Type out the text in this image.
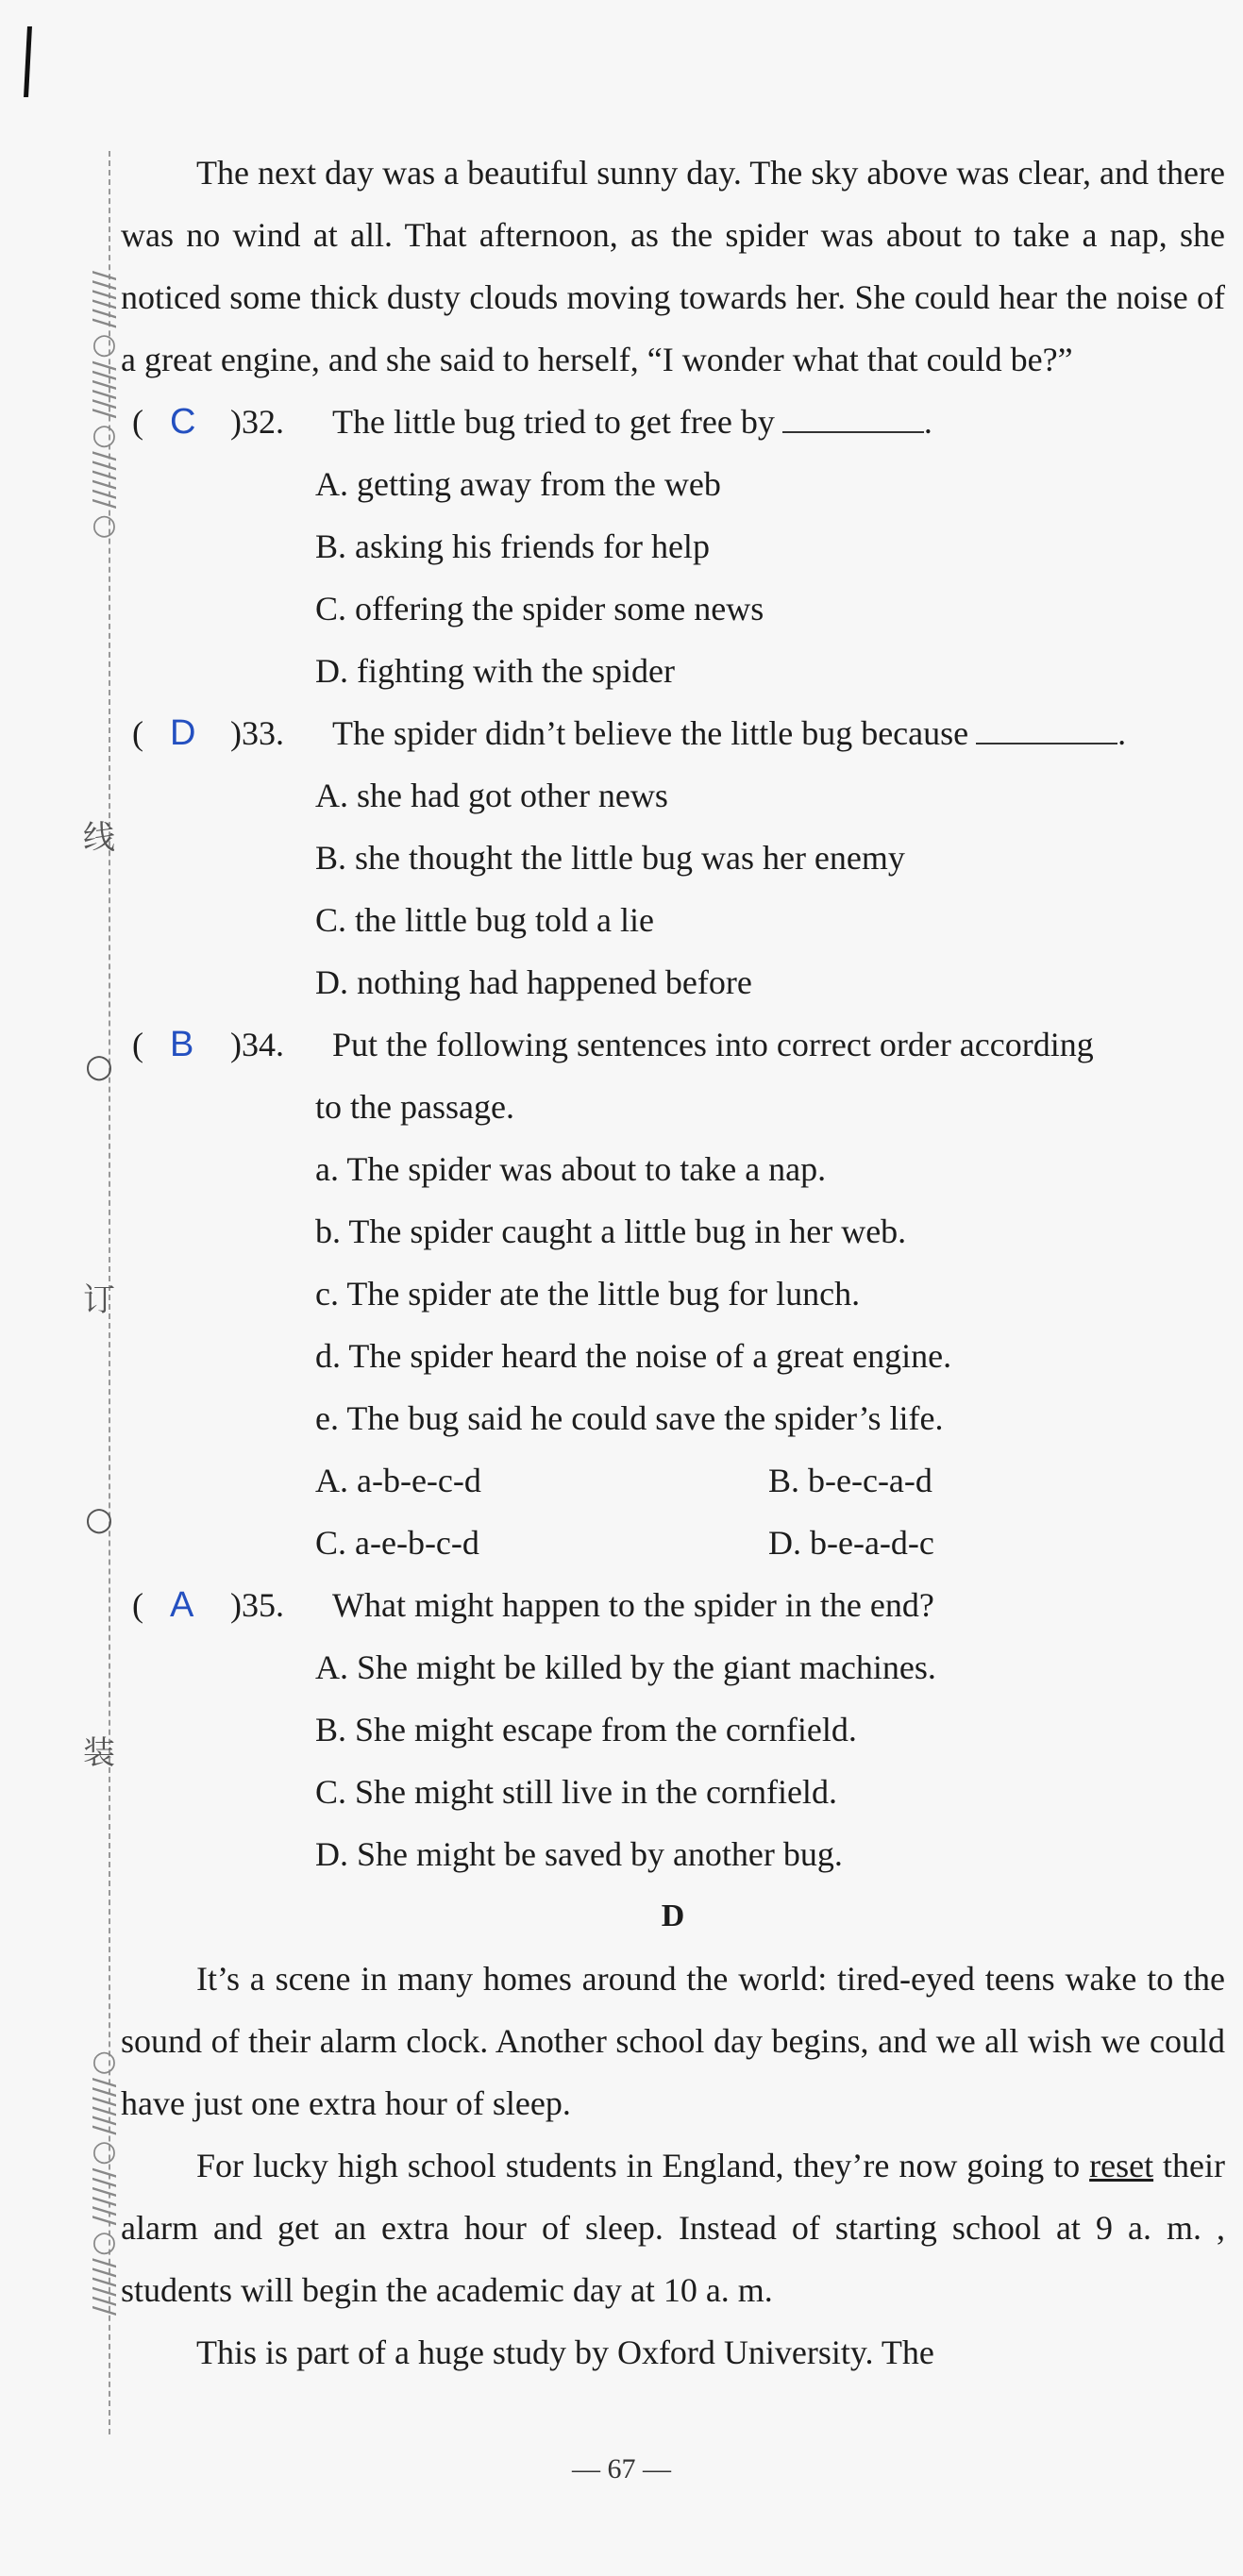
//////○//////○//////○
线
○
订
○
装
○//////○//////○//////

The next day was a beautiful sunny day. The sky above was clear, and there was no wind at all. That afternoon, as the spider was about to take a nap, she noticed some thick dusty clouds moving towards her. She could hear the noise of a great engine, and she said to herself, “I wonder what that could be?”

( C )32. The little bug tried to get free by	.
A. getting away from the web
B. asking his friends for help
C. offering the spider some news
D. fighting with the spider
( D )33. The spider didn’t believe the little bug because	.
A. she had got other news
B. she thought the little bug was her enemy
C. the little bug told a lie
D. nothing had happened before
( B )34. Put the following sentences into correct order according
to the passage.
a. The spider was about to take a nap.
b. The spider caught a little bug in her web.
c. The spider ate the little bug for lunch.
d. The spider heard the noise of a great engine.
e. The bug said he could save the spider’s life.
A. a-b-e-c-d	B. b-e-c-a-d
C. a-e-b-c-d	D. b-e-a-d-c
( A )35. What might happen to the spider in the end?
A. She might be killed by the giant machines.
B. She might escape from the cornfield.
C. She might still live in the cornfield.
D. She might be saved by another bug.
D

It’s a scene in many homes around the world: tired-eyed teens wake to the sound of their alarm clock. Another school day begins, and we all wish we could have just one extra hour of sleep.

For lucky high school students in England, they’re now going to reset their alarm and get an extra hour of sleep. Instead of starting school at 9 a. m. , students will begin the academic day at 10 a. m.

This is part of a huge study by Oxford University. The

— 67 —
